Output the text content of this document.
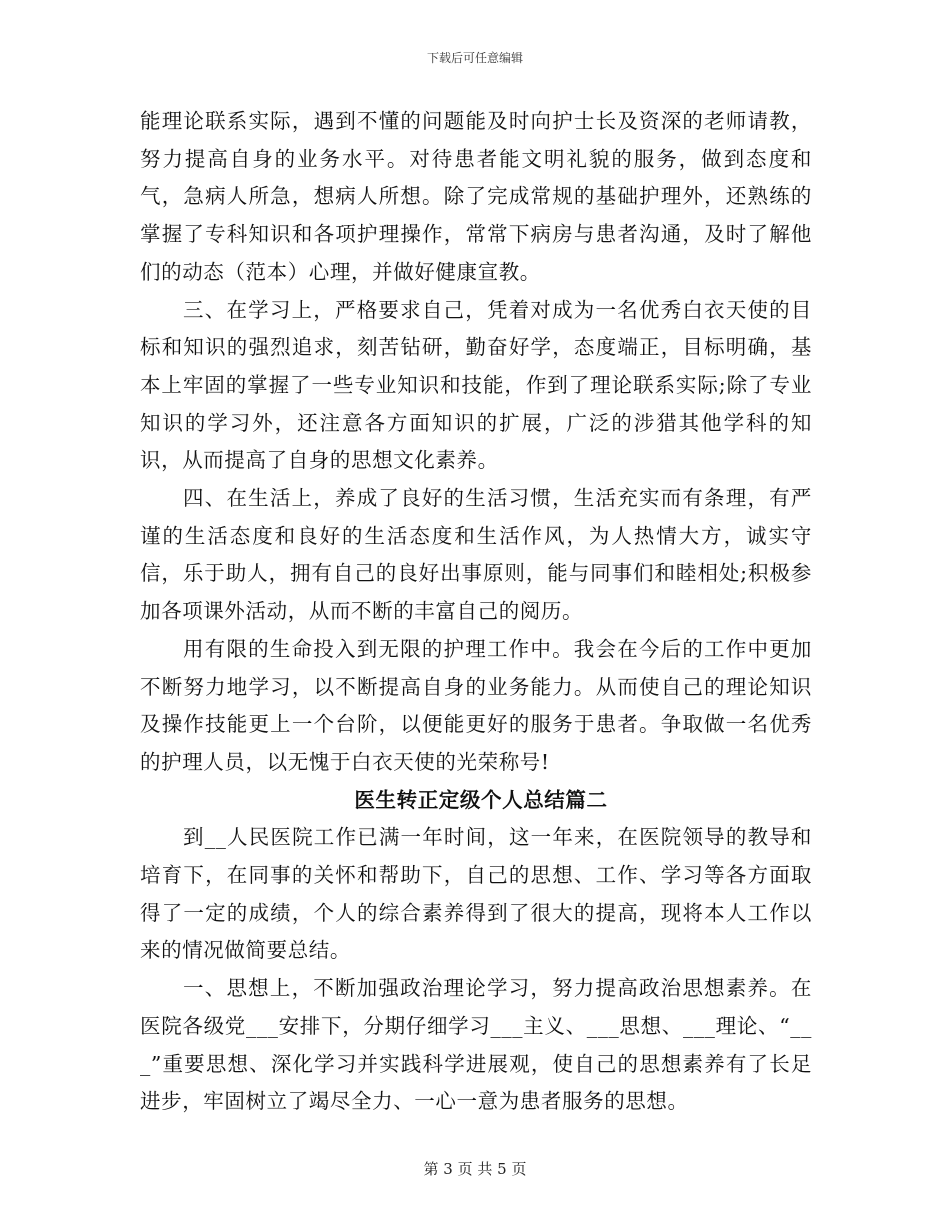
下载后可任意编辑

能理论联系实际，遇到不懂的问题能及时向护士长及资深的老师请教，努力提高自身的业务水平。对待患者能文明礼貌的服务，做到态度和气，急病人所急，想病人所想。除了完成常规的基础护理外，还熟练的掌握了专科知识和各项护理操作，常常下病房与患者沟通，及时了解他们的动态（范本）心理，并做好健康宣教。

三、在学习上，严格要求自己，凭着对成为一名优秀白衣天使的目标和知识的强烈追求，刻苦钻研，勤奋好学，态度端正，目标明确，基本上牢固的掌握了一些专业知识和技能，作到了理论联系实际;除了专业知识的学习外，还注意各方面知识的扩展，广泛的涉猎其他学科的知识，从而提高了自身的思想文化素养。

四、在生活上，养成了良好的生活习惯，生活充实而有条理，有严谨的生活态度和良好的生活态度和生活作风，为人热情大方，诚实守信，乐于助人，拥有自己的良好出事原则，能与同事们和睦相处;积极参加各项课外活动，从而不断的丰富自己的阅历。

用有限的生命投入到无限的护理工作中。我会在今后的工作中更加不断努力地学习，以不断提高自身的业务能力。从而使自己的理论知识及操作技能更上一个台阶，以便能更好的服务于患者。争取做一名优秀的护理人员，以无愧于白衣天使的光荣称号!

医生转正定级个人总结篇二

到__人民医院工作已满一年时间，这一年来，在医院领导的教导和培育下，在同事的关怀和帮助下，自己的思想、工作、学习等各方面取得了一定的成绩，个人的综合素养得到了很大的提高，现将本人工作以来的情况做简要总结。

一、思想上，不断加强政治理论学习，努力提高政治思想素养。在医院各级党___安排下，分期仔细学习___主义、___思想、___理论、“___”重要思想、深化学习并实践科学进展观，使自己的思想素养有了长足进步，牢固树立了竭尽全力、一心一意为患者服务的思想。

第 3 页 共 5 页
